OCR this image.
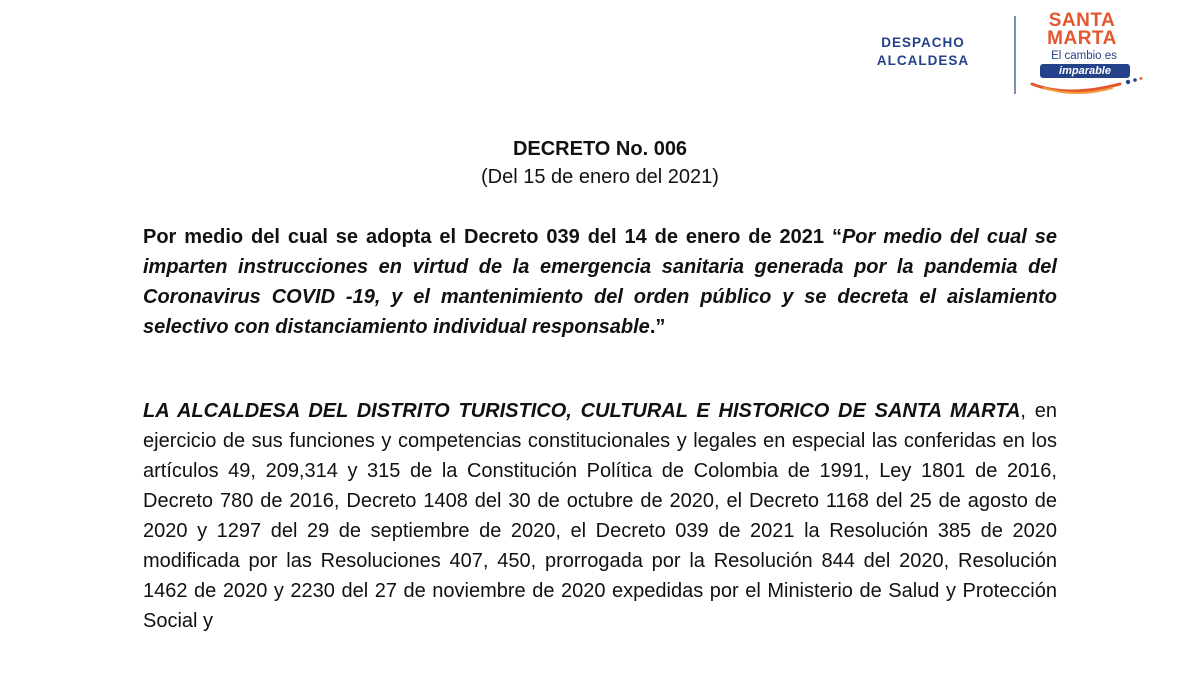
DESPACHO
ALCALDESA
SANTA
MARTA
El cambio es
imparable
DECRETO No. 006
(Del 15 de enero del 2021)
Por medio del cual se adopta el Decreto 039 del 14 de enero de 2021 “Por medio del cual se imparten instrucciones en virtud de la emergencia sanitaria generada por la pandemia del Coronavirus COVID -19, y el mantenimiento del orden público y se decreta el aislamiento selectivo con distanciamiento individual responsable.”
LA ALCALDESA DEL DISTRITO TURISTICO, CULTURAL E HISTORICO DE SANTA MARTA, en ejercicio de sus funciones y competencias constitucionales y legales en especial las conferidas en los artículos 49, 209,314 y 315 de la Constitución Política de Colombia de 1991, Ley 1801 de 2016, Decreto 780 de 2016, Decreto 1408 del 30 de octubre de 2020, el Decreto 1168 del 25 de agosto de 2020 y 1297 del 29 de septiembre de 2020, el Decreto 039 de 2021 la Resolución 385 de 2020 modificada por las Resoluciones 407, 450, prorrogada por la Resolución 844 del 2020, Resolución 1462 de 2020 y 2230 del 27 de noviembre de 2020 expedidas por el Ministerio de Salud y Protección Social y
